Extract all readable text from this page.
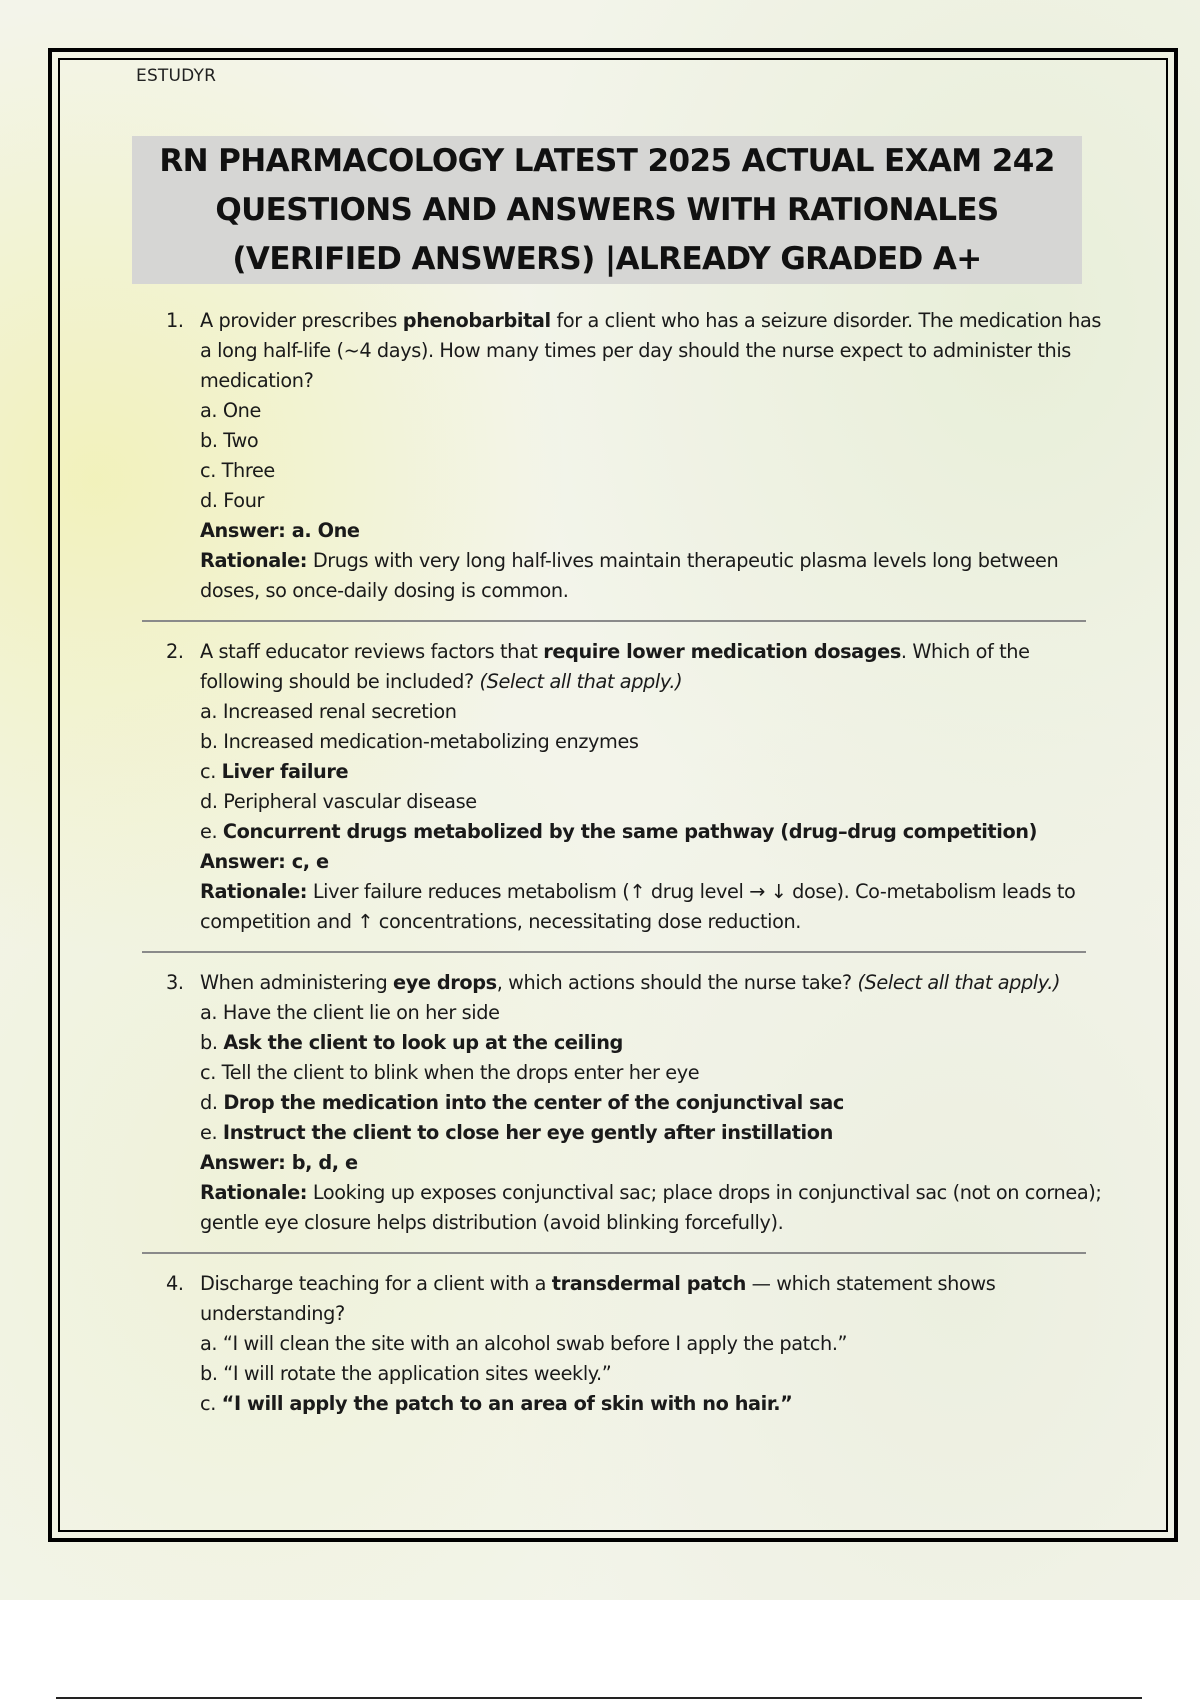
ESTUDYR
RN PHARMACOLOGY LATEST 2025 ACTUAL EXAM 242
QUESTIONS AND ANSWERS WITH RATIONALES
(VERIFIED ANSWERS) |ALREADY GRADED A+
1. A provider prescribes phenobarbital for a client who has a seizure disorder. The medication has a long half-life (~4 days). How many times per day should the nurse expect to administer this medication?
a. One
b. Two
c. Three
d. Four
Answer: a. One
Rationale: Drugs with very long half-lives maintain therapeutic plasma levels long between doses, so once-daily dosing is common.
2. A staff educator reviews factors that require lower medication dosages. Which of the following should be included? (Select all that apply.)
a. Increased renal secretion
b. Increased medication-metabolizing enzymes
c. Liver failure
d. Peripheral vascular disease
e. Concurrent drugs metabolized by the same pathway (drug–drug competition)
Answer: c, e
Rationale: Liver failure reduces metabolism (↑ drug level → ↓ dose). Co-metabolism leads to competition and ↑ concentrations, necessitating dose reduction.
3. When administering eye drops, which actions should the nurse take? (Select all that apply.)
a. Have the client lie on her side
b. Ask the client to look up at the ceiling
c. Tell the client to blink when the drops enter her eye
d. Drop the medication into the center of the conjunctival sac
e. Instruct the client to close her eye gently after instillation
Answer: b, d, e
Rationale: Looking up exposes conjunctival sac; place drops in conjunctival sac (not on cornea); gentle eye closure helps distribution (avoid blinking forcefully).
4. Discharge teaching for a client with a transdermal patch — which statement shows understanding?
a. “I will clean the site with an alcohol swab before I apply the patch.”
b. “I will rotate the application sites weekly.”
c. “I will apply the patch to an area of skin with no hair.”
